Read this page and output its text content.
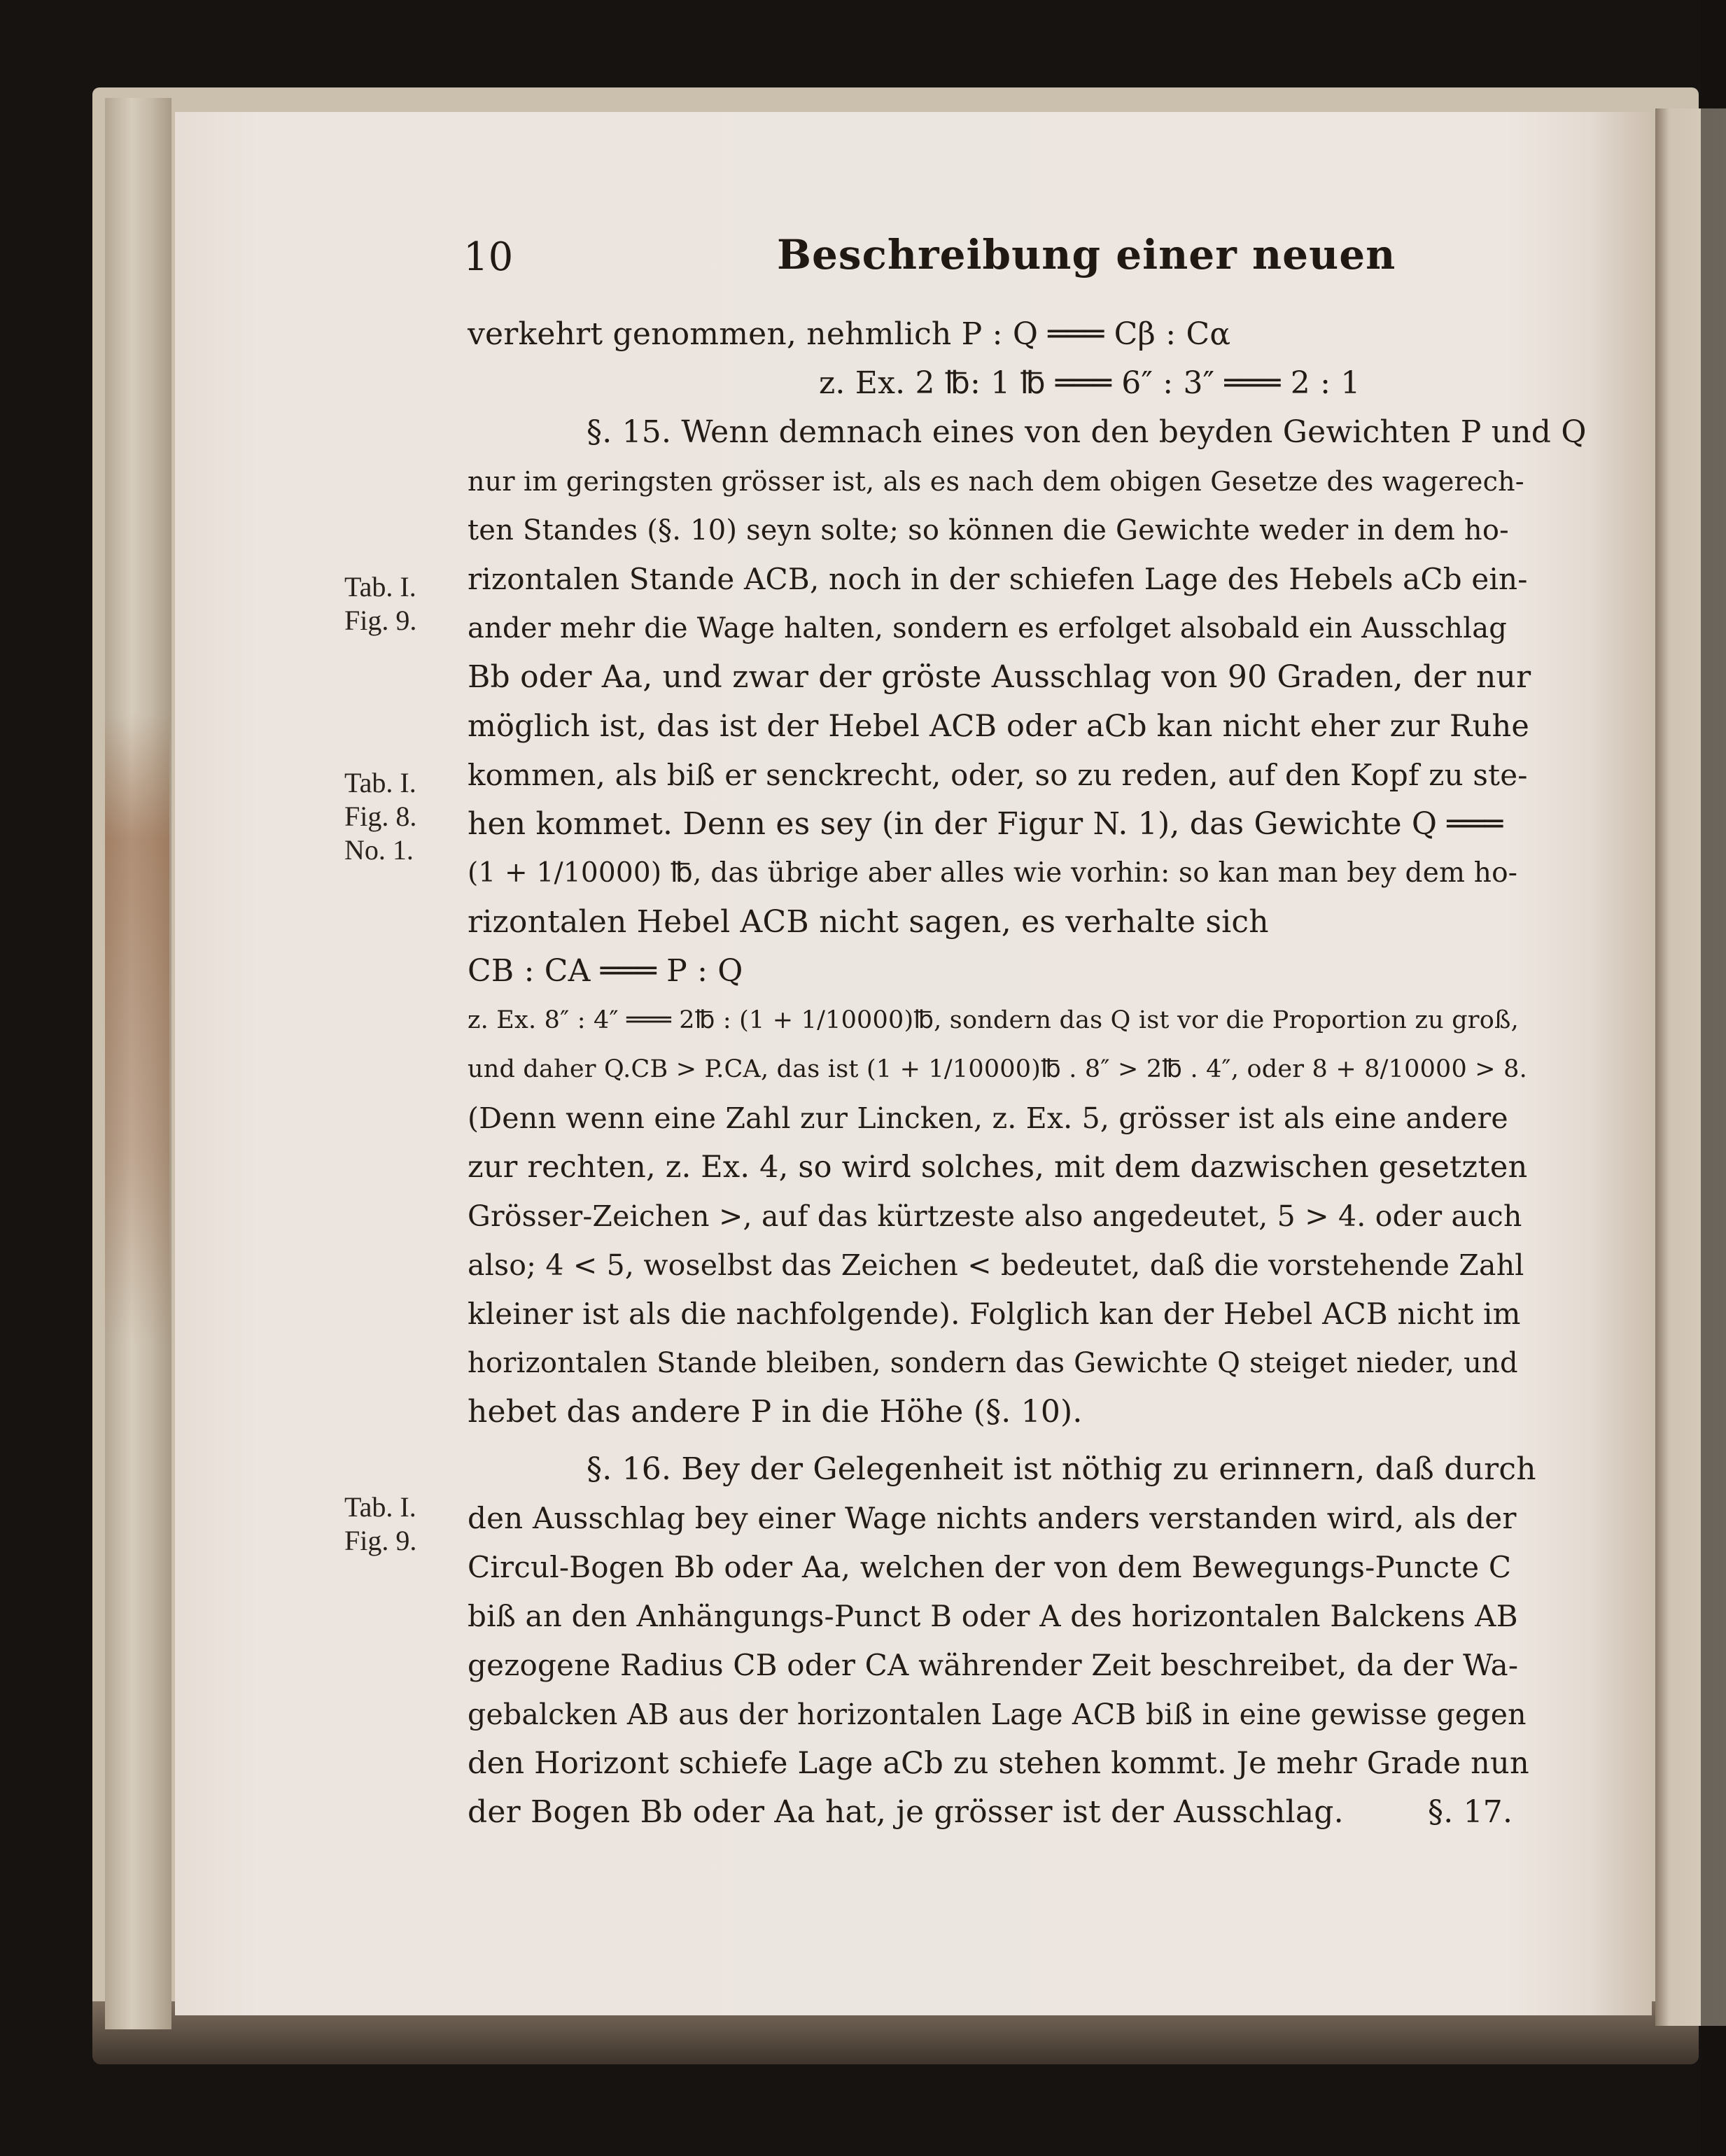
10	Beschreibung einer neuen
Tab. I.
Fig. 9.
Tab. I.
Fig. 8.
No. 1.
Tab. I.
Fig. 9.
verkehrt genommen, nehmlich P : Q ═══ Cβ : Cα
z. Ex. 2 ℔: 1 ℔ ═══ 6″ : 3″ ═══ 2 : 1
§. 15. Wenn demnach eines von den beyden Gewichten P und Q
nur im geringsten grösser ist, als es nach dem obigen Gesetze des wagerech-
ten Standes (§. 10) seyn solte; so können die Gewichte weder in dem ho-
rizontalen Stande ACB, noch in der schiefen Lage des Hebels aCb ein-
ander mehr die Wage halten, sondern es erfolget alsobald ein Ausschlag
Bb oder Aa, und zwar der gröste Ausschlag von 90 Graden, der nur
möglich ist, das ist der Hebel ACB oder aCb kan nicht eher zur Ruhe
kommen, als biß er senckrecht, oder, so zu reden, auf den Kopf zu ste-
hen kommet. Denn es sey (in der Figur N. 1), das Gewichte Q ═══
(1 + 1/10000) ℔, das übrige aber alles wie vorhin: so kan man bey dem ho-
rizontalen Hebel ACB nicht sagen, es verhalte sich
CB : CA ═══ P : Q
z. Ex. 8″ : 4″ ═══ 2℔ : (1 + 1/10000)℔, sondern das Q ist vor die Proportion zu groß,
und daher Q.CB > P.CA, das ist (1 + 1/10000)℔ . 8″ > 2℔ . 4″, oder 8 + 8/10000 > 8.
(Denn wenn eine Zahl zur Lincken, z. Ex. 5, grösser ist als eine andere
zur rechten, z. Ex. 4, so wird solches, mit dem dazwischen gesetzten
Grösser-Zeichen >, auf das kürtzeste also angedeutet, 5 > 4. oder auch
also; 4 < 5, woselbst das Zeichen < bedeutet, daß die vorstehende Zahl
kleiner ist als die nachfolgende). Folglich kan der Hebel ACB nicht im
horizontalen Stande bleiben, sondern das Gewichte Q steiget nieder, und
hebet das andere P in die Höhe (§. 10).
§. 16. Bey der Gelegenheit ist nöthig zu erinnern, daß durch
den Ausschlag bey einer Wage nichts anders verstanden wird, als der
Circul-Bogen Bb oder Aa, welchen der von dem Bewegungs-Puncte C
biß an den Anhängungs-Punct B oder A des horizontalen Balckens AB
gezogene Radius CB oder CA währender Zeit beschreibet, da der Wa-
gebalcken AB aus der horizontalen Lage ACB biß in eine gewisse gegen
den Horizont schiefe Lage aCb zu stehen kommt. Je mehr Grade nun
der Bogen Bb oder Aa hat, je grösser ist der Ausschlag.	§. 17.
